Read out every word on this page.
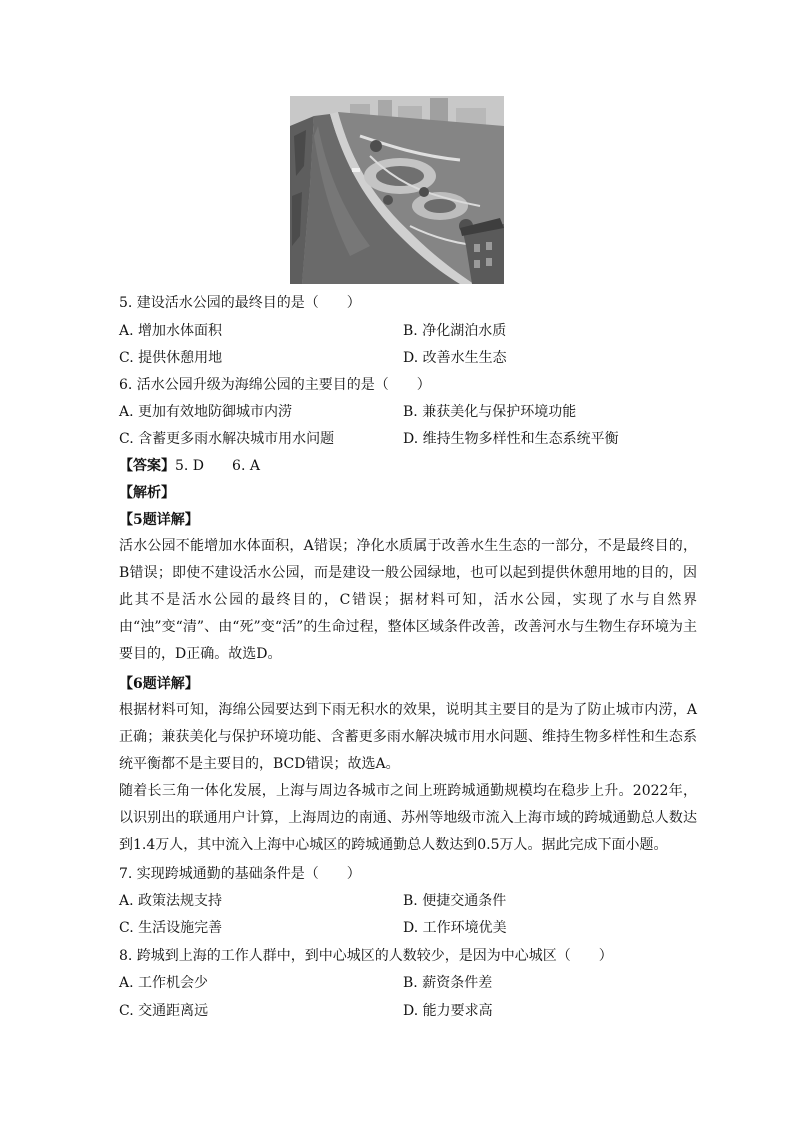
5. 建设活水公园的最终目的是（　　）
A. 增加水体面积	B. 净化湖泊水质
C. 提供休憩用地	D. 改善水生生态
6. 活水公园升级为海绵公园的主要目的是（　　）
A. 更加有效地防御城市内涝	B. 兼获美化与保护环境功能
C. 含蓄更多雨水解决城市用水问题	D. 维持生物多样性和生态系统平衡
【答案】5. D 6. A
【解析】
【5题详解】
活水公园不能增加水体面积，A错误；净化水质属于改善水生生态的一部分，不是最终目的，B错误；即使不建设活水公园，而是建设一般公园绿地，也可以起到提供休憩用地的目的，因此其不是活水公园的最终目的，C错误；据材料可知，活水公园，实现了水与自然界由“浊”变“清”、由“死”变“活”的生命过程，整体区域条件改善，改善河水与生物生存环境为主要目的，D正确。故选D。
【6题详解】
根据材料可知，海绵公园要达到下雨无积水的效果，说明其主要目的是为了防止城市内涝，A正确；兼获美化与保护环境功能、含蓄更多雨水解决城市用水问题、维持生物多样性和生态系统平衡都不是主要目的，BCD错误；故选A。
随着长三角一体化发展，上海与周边各城市之间上班跨城通勤规模均在稳步上升。2022年，以识别出的联通用户计算，上海周边的南通、苏州等地级市流入上海市域的跨城通勤总人数达到1.4万人，其中流入上海中心城区的跨城通勤总人数达到0.5万人。据此完成下面小题。
7. 实现跨城通勤的基础条件是（　　）
A. 政策法规支持	B. 便捷交通条件
C. 生活设施完善	D. 工作环境优美
8. 跨城到上海的工作人群中，到中心城区的人数较少，是因为中心城区（　　）
A. 工作机会少	B. 薪资条件差
C. 交通距离远	D. 能力要求高
